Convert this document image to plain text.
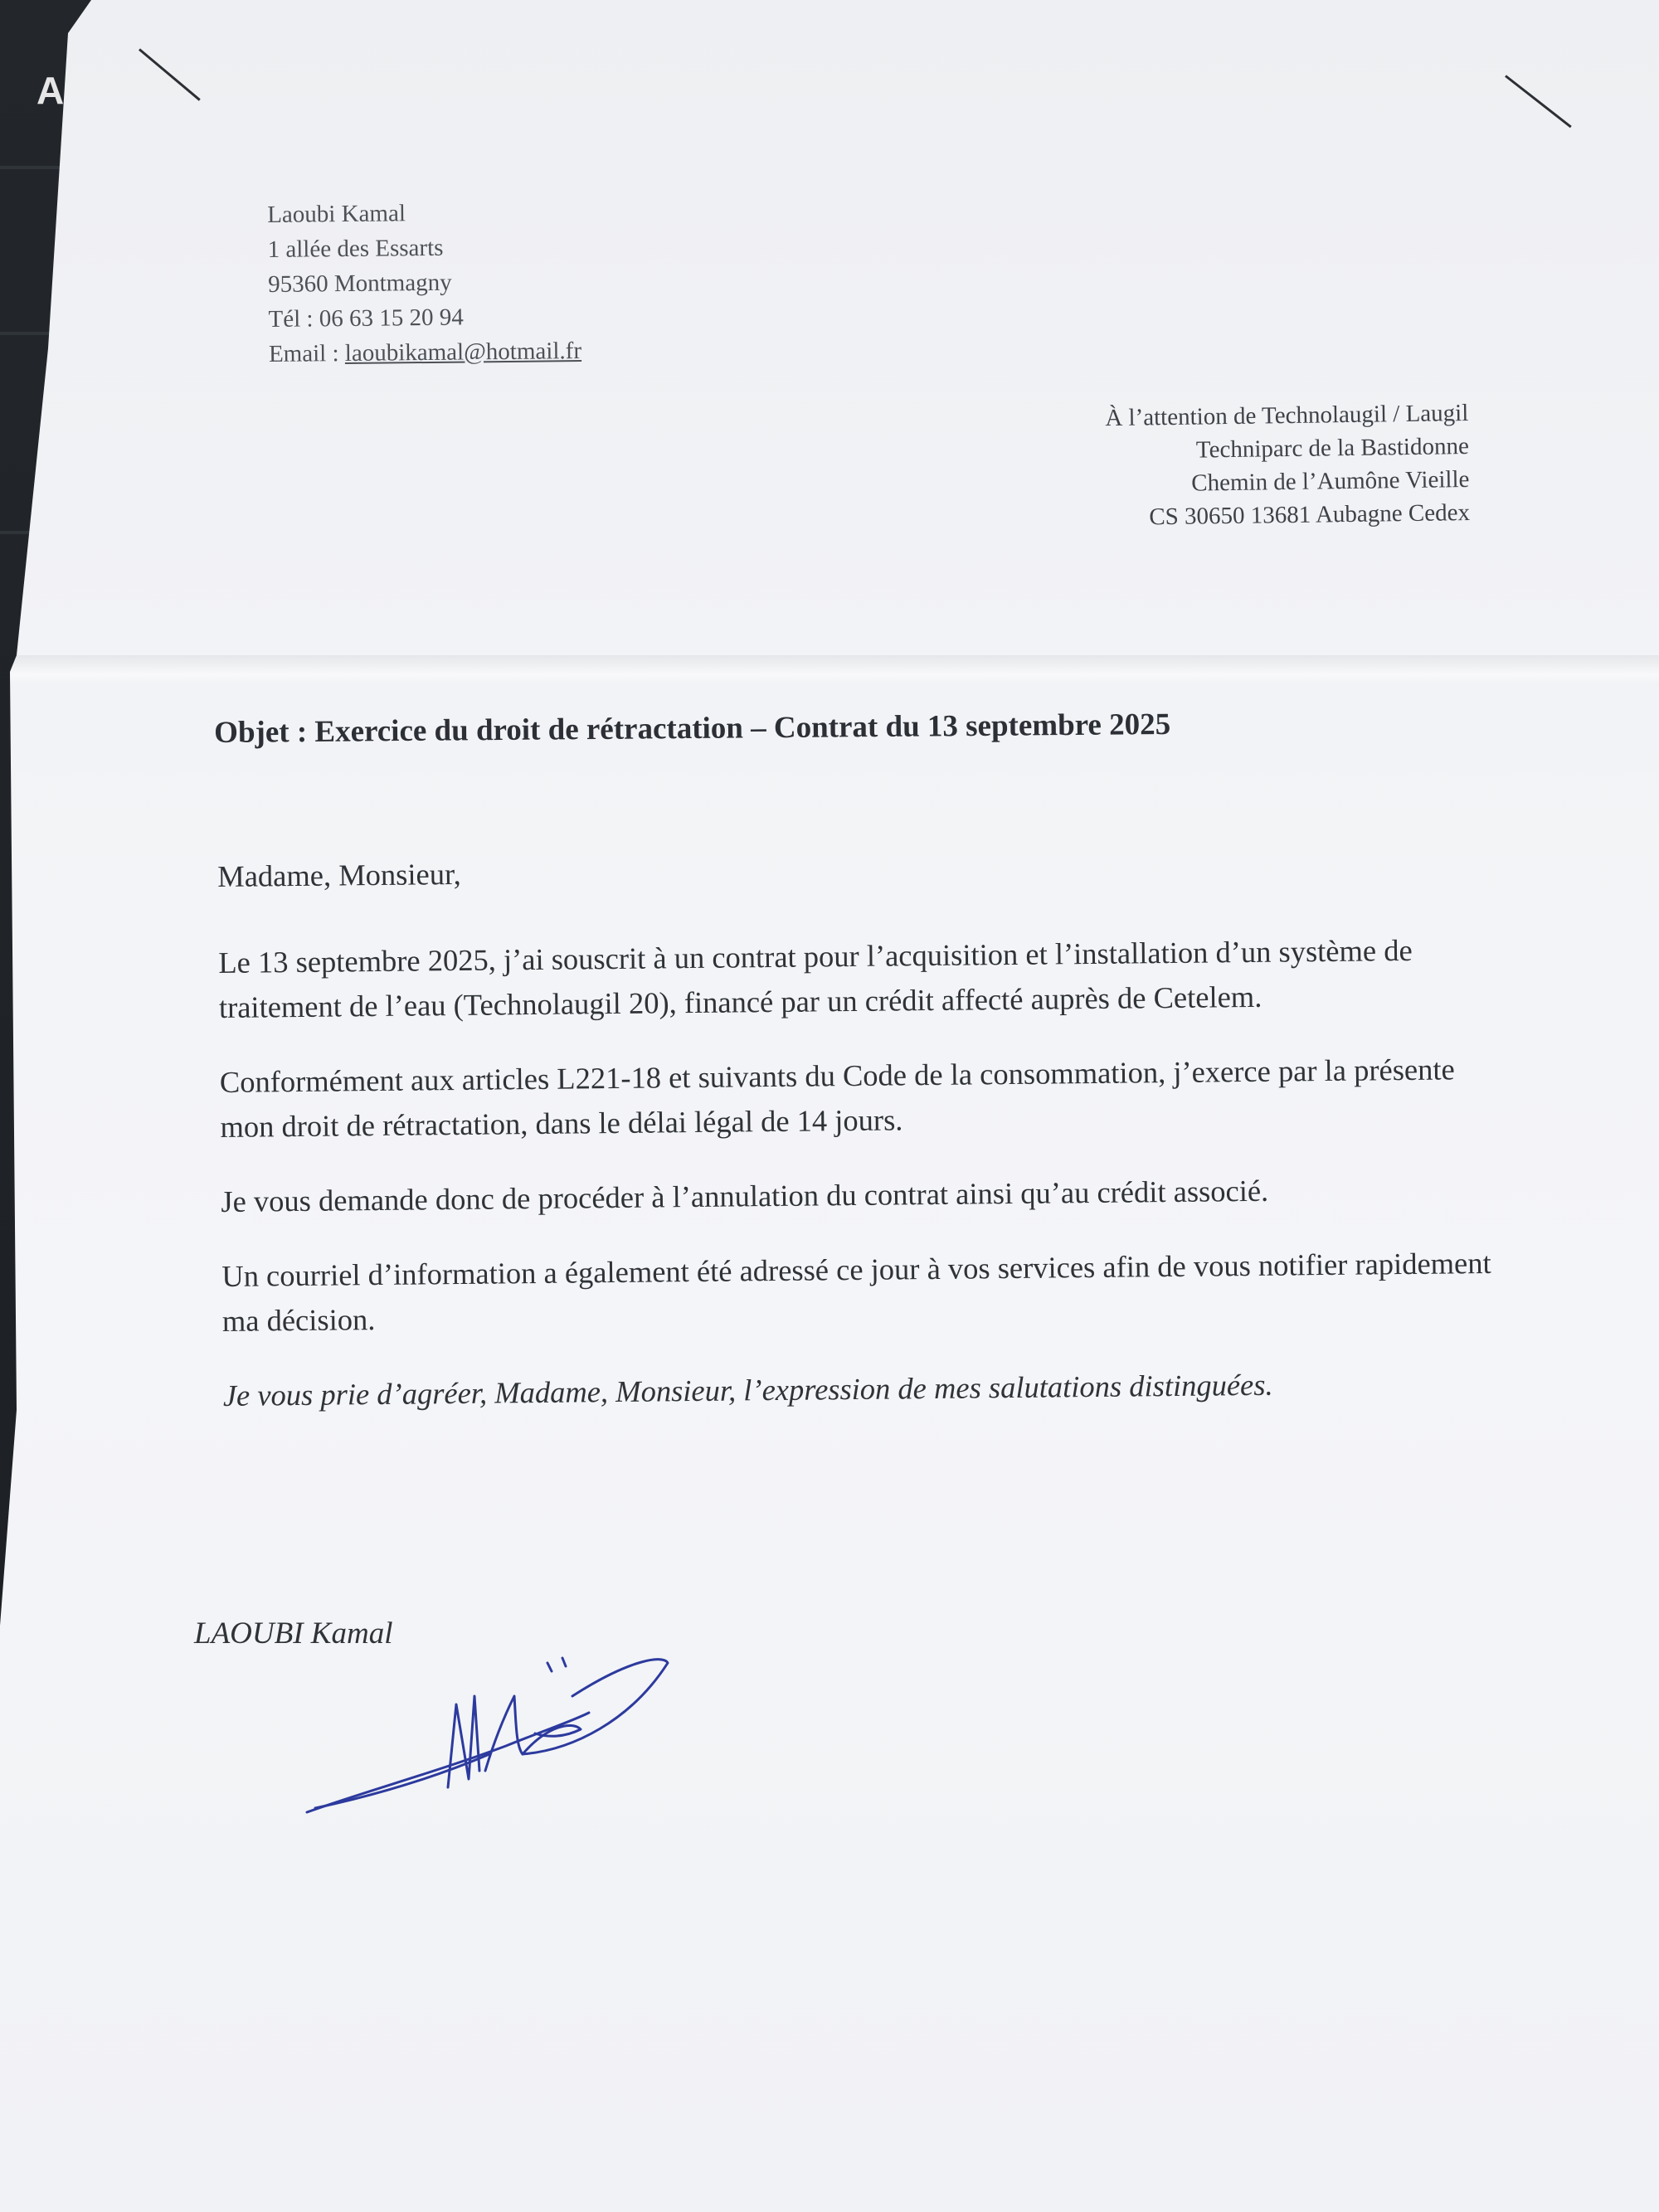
A
Laoubi Kamal
1 allée des Essarts
95360 Montmagny
Tél : 06 63 15 20 94
Email : laoubikamal@hotmail.fr
À l’attention de Technolaugil / Laugil
Techniparc de la Bastidonne
Chemin de l’Aumône Vieille
CS 30650 13681 Aubagne Cedex
Objet : Exercice du droit de rétractation – Contrat du 13 septembre 2025

Madame, Monsieur,

Le 13 septembre 2025, j’ai souscrit à un contrat pour l’acquisition et l’installation d’un système de traitement de l’eau (Technolaugil 20), financé par un crédit affecté auprès de Cetelem.

Conformément aux articles L221-18 et suivants du Code de la consommation, j’exerce par la présente mon droit de rétractation, dans le délai légal de 14 jours.

Je vous demande donc de procéder à l’annulation du contrat ainsi qu’au crédit associé.

Un courriel d’information a également été adressé ce jour à vos services afin de vous notifier rapidement ma décision.

Je vous prie d’agréer, Madame, Monsieur, l’expression de mes salutations distinguées.

LAOUBI Kamal
